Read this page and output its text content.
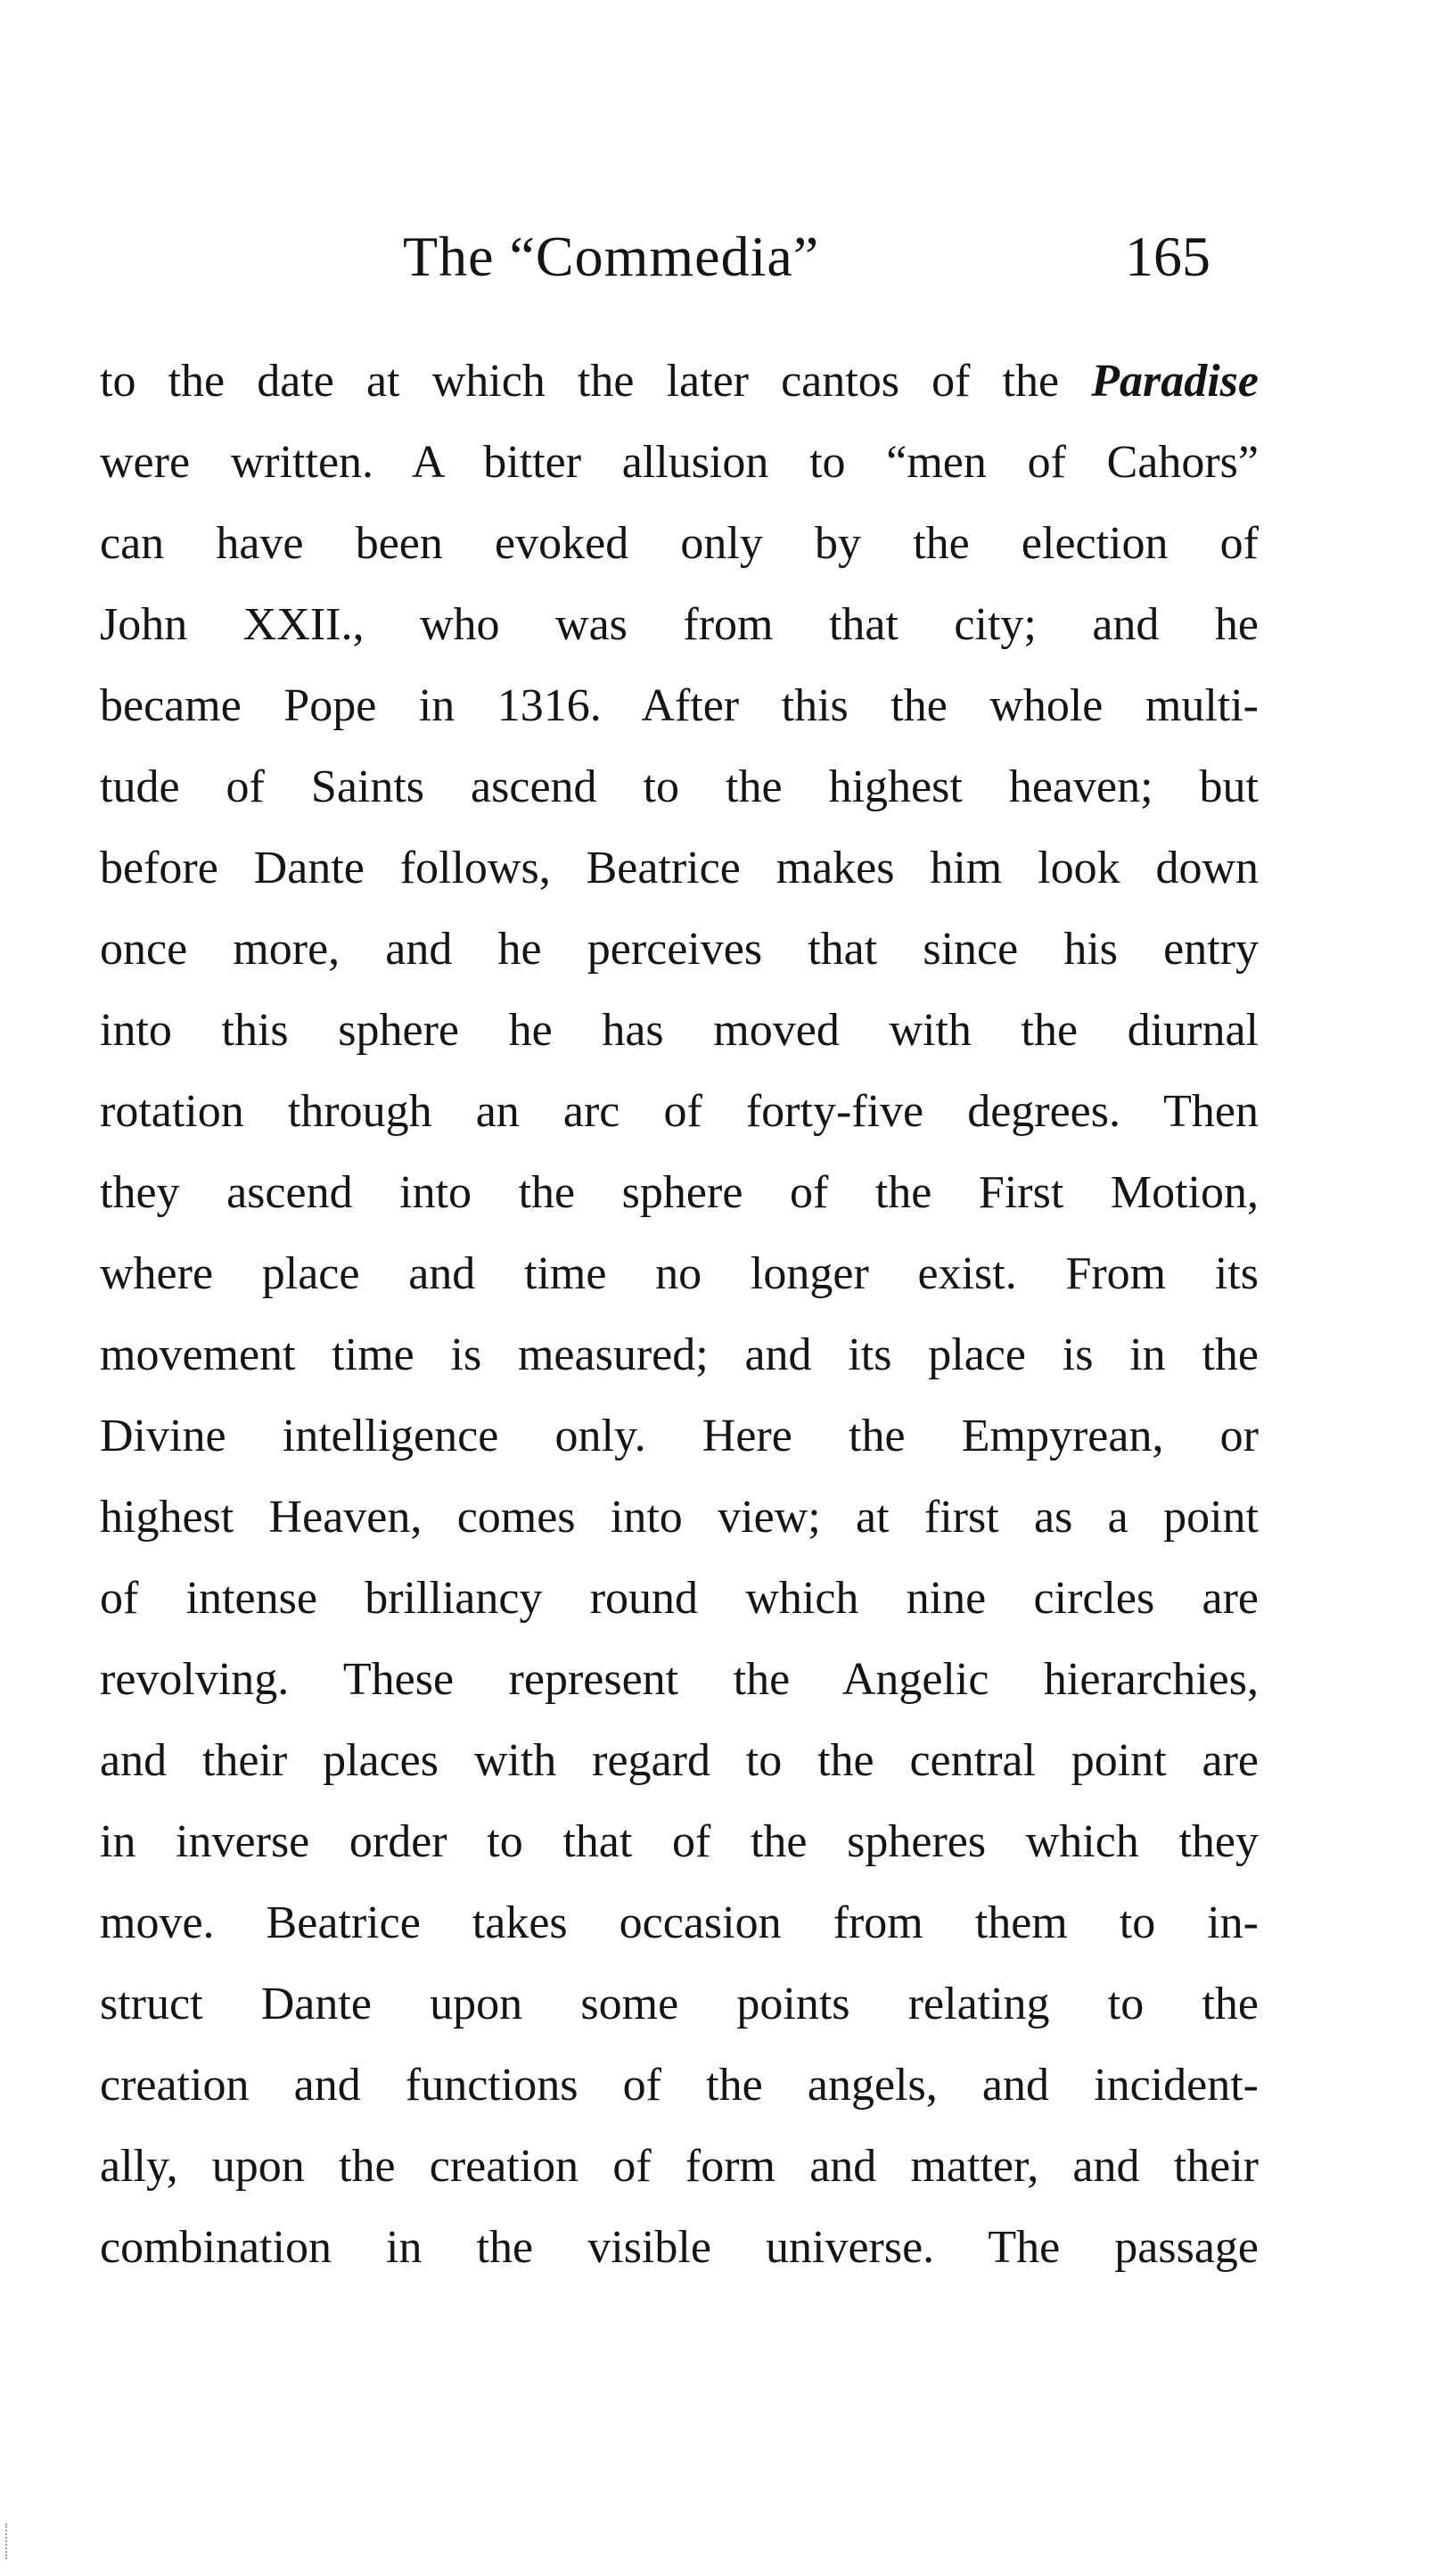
The “Commedia”	165
to the date at which the later cantos of the Paradise
were written. A bitter allusion to “men of Cahors”
can have been evoked only by the election of
John XXII., who was from that city; and he
became Pope in 1316. After this the whole multi-
tude of Saints ascend to the highest heaven; but
before Dante follows, Beatrice makes him look down
once more, and he perceives that since his entry
into this sphere he has moved with the diurnal
rotation through an arc of forty-five degrees. Then
they ascend into the sphere of the First Motion,
where place and time no longer exist. From its
movement time is measured; and its place is in the
Divine intelligence only. Here the Empyrean, or
highest Heaven, comes into view; at first as a point
of intense brilliancy round which nine circles are
revolving. These represent the Angelic hierarchies,
and their places with regard to the central point are
in inverse order to that of the spheres which they
move. Beatrice takes occasion from them to in-
struct Dante upon some points relating to the
creation and functions of the angels, and incident-
ally, upon the creation of form and matter, and their
combination in the visible universe. The passage
